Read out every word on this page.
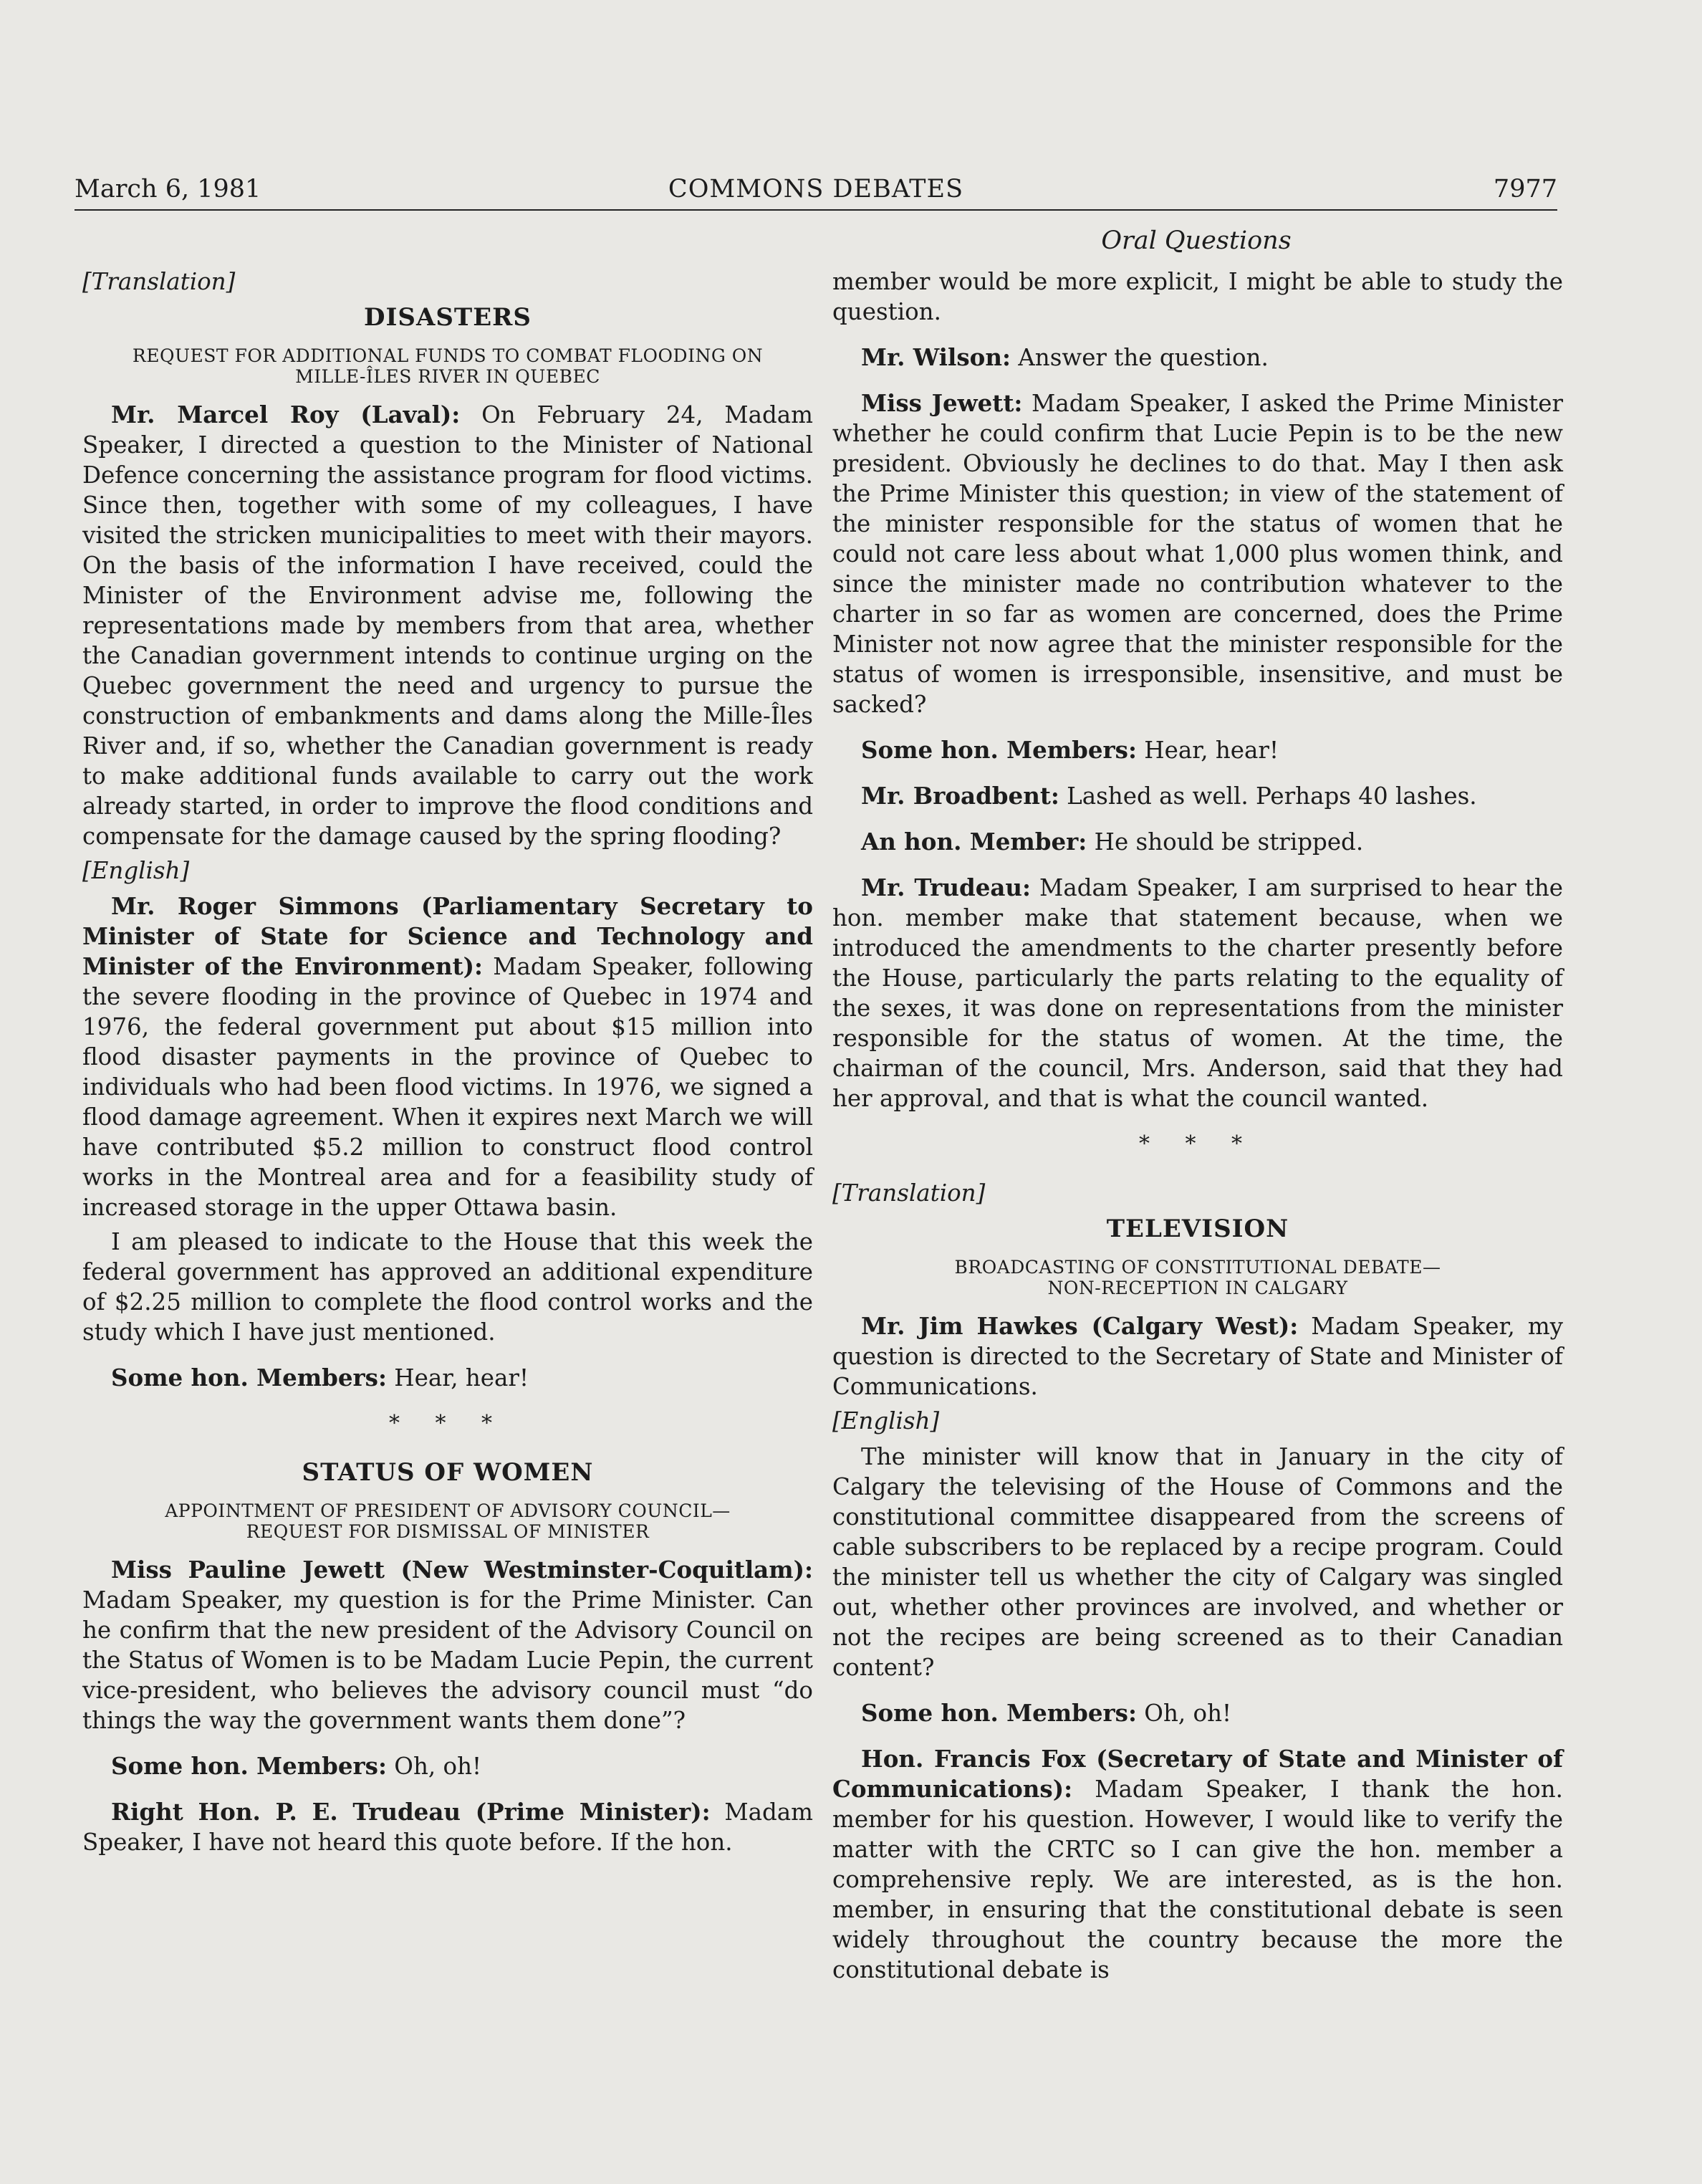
March 6, 1981	COMMONS DEBATES	7977
Oral Questions
[Translation]
DISASTERS
REQUEST FOR ADDITIONAL FUNDS TO COMBAT FLOODING ON
MILLE-ÎLES RIVER IN QUEBEC

Mr. Marcel Roy (Laval): On February 24, Madam Speaker, I directed a question to the Minister of National Defence concerning the assistance program for flood victims. Since then, together with some of my colleagues, I have visited the stricken municipalities to meet with their mayors. On the basis of the information I have received, could the Minister of the Environment advise me, following the representations made by members from that area, whether the Canadian government intends to continue urging on the Quebec government the need and urgency to pursue the construction of embankments and dams along the Mille-Îles River and, if so, whether the Canadian government is ready to make additional funds available to carry out the work already started, in order to improve the flood conditions and compensate for the damage caused by the spring flooding?

[English]

Mr. Roger Simmons (Parliamentary Secretary to Minister of State for Science and Technology and Minister of the Environment): Madam Speaker, following the severe flooding in the province of Quebec in 1974 and 1976, the federal government put about $15 million into flood disaster payments in the province of Quebec to individuals who had been flood victims. In 1976, we signed a flood damage agreement. When it expires next March we will have contributed $5.2 million to construct flood control works in the Montreal area and for a feasibility study of increased storage in the upper Ottawa basin.

I am pleased to indicate to the House that this week the federal government has approved an additional expenditure of $2.25 million to complete the flood control works and the study which I have just mentioned.

Some hon. Members: Hear, hear!

* * *
STATUS OF WOMEN
APPOINTMENT OF PRESIDENT OF ADVISORY COUNCIL—
REQUEST FOR DISMISSAL OF MINISTER

Miss Pauline Jewett (New Westminster-Coquitlam): Madam Speaker, my question is for the Prime Minister. Can he confirm that the new president of the Advisory Council on the Status of Women is to be Madam Lucie Pepin, the current vice-president, who believes the advisory council must “do things the way the government wants them done”?

Some hon. Members: Oh, oh!

Right Hon. P. E. Trudeau (Prime Minister): Madam Speaker, I have not heard this quote before. If the hon.

member would be more explicit, I might be able to study the question.

Mr. Wilson: Answer the question.

Miss Jewett: Madam Speaker, I asked the Prime Minister whether he could confirm that Lucie Pepin is to be the new president. Obviously he declines to do that. May I then ask the Prime Minister this question; in view of the statement of the minister responsible for the status of women that he could not care less about what 1,000 plus women think, and since the minister made no contribution whatever to the charter in so far as women are concerned, does the Prime Minister not now agree that the minister responsible for the status of women is irresponsible, insensitive, and must be sacked?

Some hon. Members: Hear, hear!

Mr. Broadbent: Lashed as well. Perhaps 40 lashes.

An hon. Member: He should be stripped.

Mr. Trudeau: Madam Speaker, I am surprised to hear the hon. member make that statement because, when we introduced the amendments to the charter presently before the House, particularly the parts relating to the equality of the sexes, it was done on representations from the minister responsible for the status of women. At the time, the chairman of the council, Mrs. Anderson, said that they had her approval, and that is what the council wanted.

* * *
[Translation]
TELEVISION
BROADCASTING OF CONSTITUTIONAL DEBATE—
NON-RECEPTION IN CALGARY

Mr. Jim Hawkes (Calgary West): Madam Speaker, my question is directed to the Secretary of State and Minister of Communications.

[English]

The minister will know that in January in the city of Calgary the televising of the House of Commons and the constitutional committee disappeared from the screens of cable subscribers to be replaced by a recipe program. Could the minister tell us whether the city of Calgary was singled out, whether other provinces are involved, and whether or not the recipes are being screened as to their Canadian content?

Some hon. Members: Oh, oh!

Hon. Francis Fox (Secretary of State and Minister of Communications): Madam Speaker, I thank the hon. member for his question. However, I would like to verify the matter with the CRTC so I can give the hon. member a comprehensive reply. We are interested, as is the hon. member, in ensuring that the constitutional debate is seen widely throughout the country because the more the constitutional debate is
